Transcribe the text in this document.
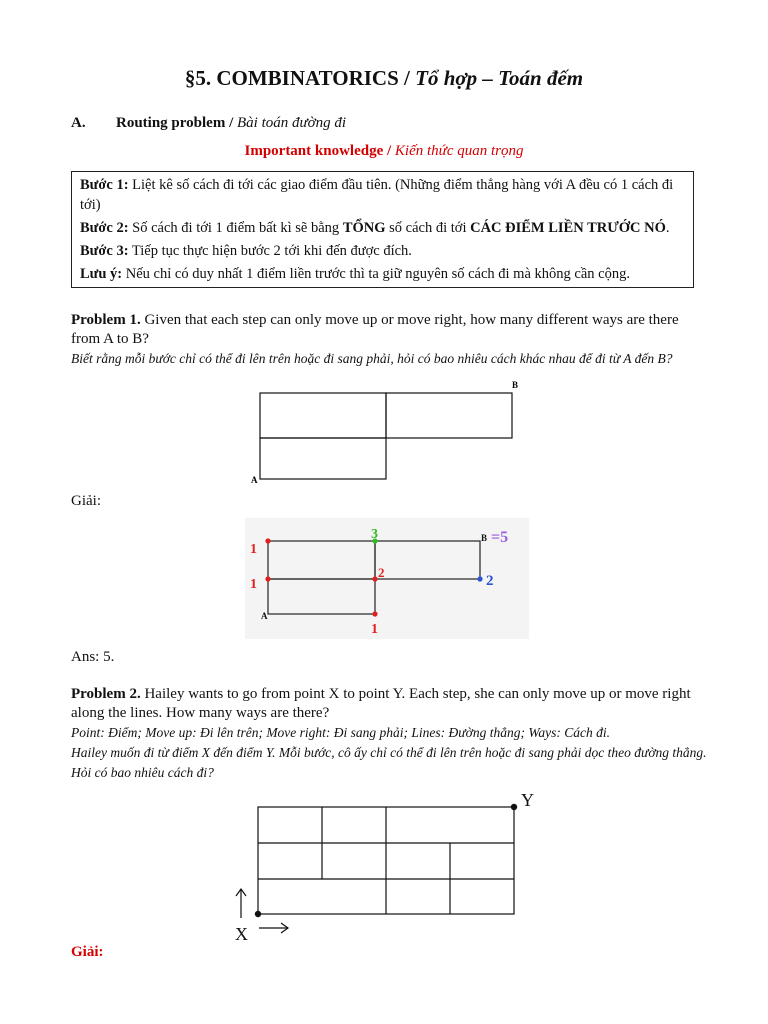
§5. COMBINATORICS / Tổ hợp – Toán đếm
A. Routing problem / Bài toán đường đi
Important knowledge / Kiến thức quan trọng

Bước 1: Liệt kê số cách đi tới các giao điểm đầu tiên. (Những điểm thẳng hàng với A đều có 1 cách đi tới)

Bước 2: Số cách đi tới 1 điểm bất kì sẽ bằng TỔNG số cách đi tới CÁC ĐIỂM LIỀN TRƯỚC NÓ.

Bước 3: Tiếp tục thực hiện bước 2 tới khi đến được đích.

Lưu ý: Nếu chỉ có duy nhất 1 điểm liền trước thì ta giữ nguyên số cách đi mà không cần cộng.

Problem 1. Given that each step can only move up or move right, how many different ways are there from A to B?
Biết rằng mỗi bước chỉ có thể đi lên trên hoặc đi sang phải, hỏi có bao nhiêu cách khác nhau để đi từ A đến B?
A
B
Giải:
1
1
3
2
1
2
B =5
A
Ans: 5.
Problem 2. Hailey wants to go from point X to point Y. Each step, she can only move up or move right along the lines. How many ways are there?
Point: Điểm; Move up: Đi lên trên; Move right: Đi sang phải; Lines: Đường thẳng; Ways: Cách đi.
Hailey muốn đi từ điểm X đến điểm Y. Mỗi bước, cô ấy chỉ có thể đi lên trên hoặc đi sang phải dọc theo đường thẳng. Hỏi có bao nhiêu cách đi?
X
Y
Giải:
